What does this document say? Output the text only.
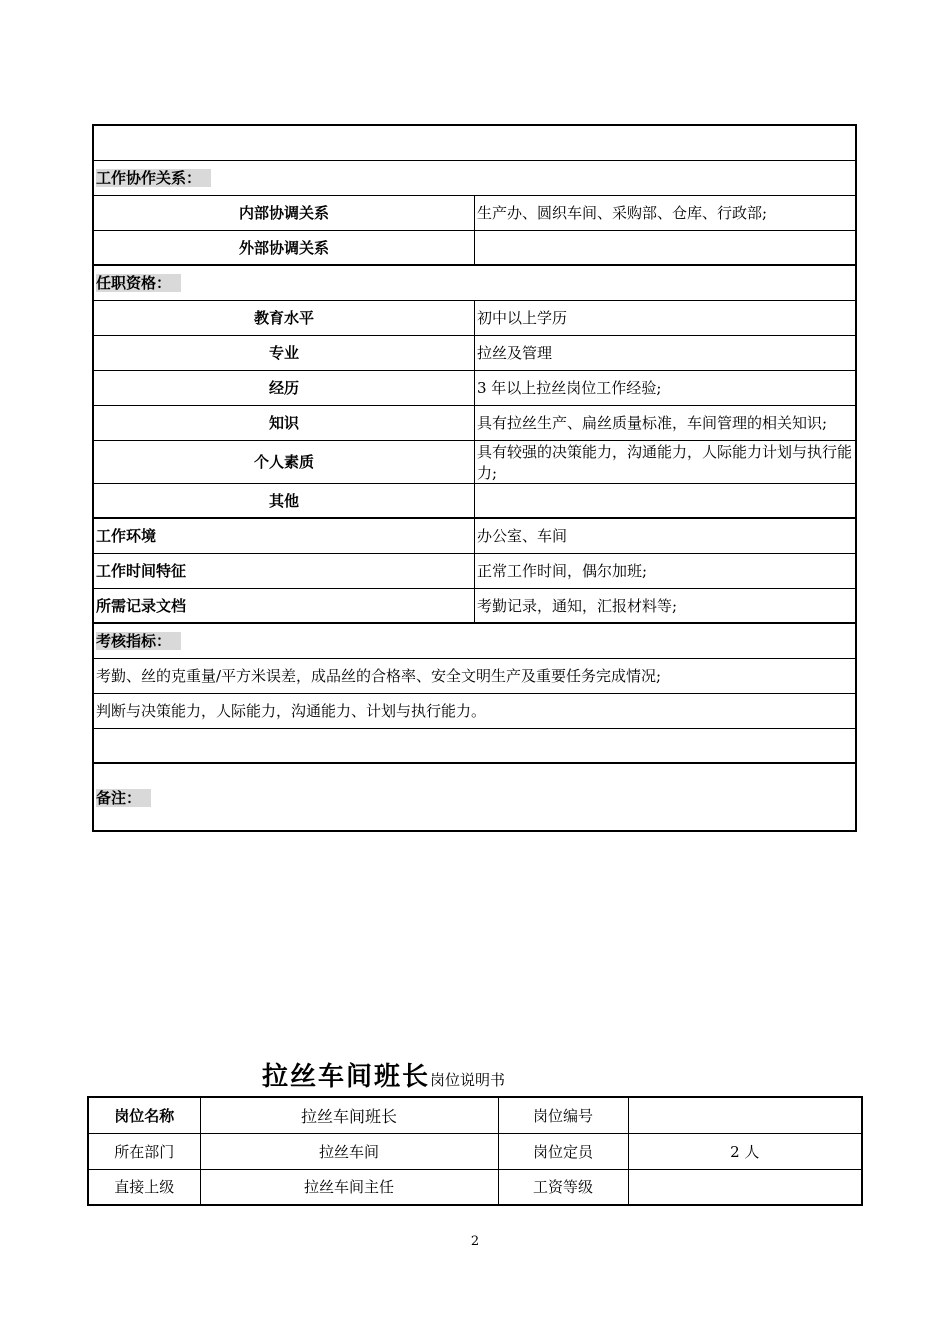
工作协作关系：	
内部协调关系	生产办、圆织车间、采购部、仓库、行政部;
外部协调关系	
任职资格：	
教育水平	初中以上学历
专业	拉丝及管理
经历	3 年以上拉丝岗位工作经验;
知识	具有拉丝生产、扁丝质量标准，车间管理的相关知识;
个人素质	具有较强的决策能力，沟通能力，人际能力计划与执行能力;
其他	
工作环境	办公室、车间
工作时间特征	正常工作时间，偶尔加班;
所需记录文档	考勤记录，通知，汇报材料等;
考核指标：	
考勤、丝的克重量/平方米误差，成品丝的合格率、安全文明生产及重要任务完成情况;	
判断与决策能力，人际能力，沟通能力、计划与执行能力。	

备注：	
拉丝车间班长岗位说明书
岗位名称	拉丝车间班长	岗位编号	
所在部门	拉丝车间	岗位定员	2 人
直接上级	拉丝车间主任	工资等级	
2
